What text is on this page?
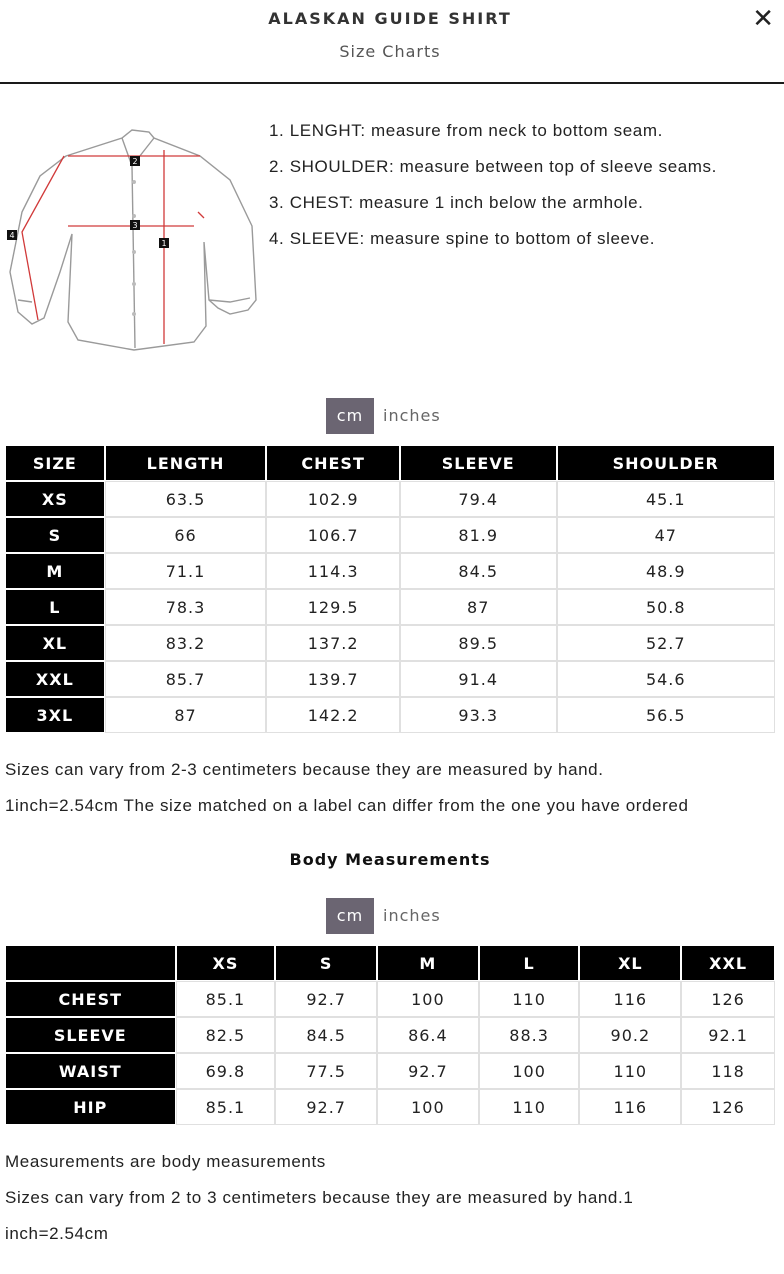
ALASKAN GUIDE SHIRT
Size Charts
✕
2
3
1
4
1. LENGHT: measure from neck to bottom seam.
2. SHOULDER: measure between top of sleeve seams.
3. CHEST: measure 1 inch below the armhole.
4. SLEEVE: measure spine to bottom of sleeve.
cm	inches
SIZE	LENGTH	CHEST	SLEEVE	SHOULDER
XS	63.5	102.9	79.4	45.1
S	66	106.7	81.9	47
M	71.1	114.3	84.5	48.9
L	78.3	129.5	87	50.8
XL	83.2	137.2	89.5	52.7
XXL	85.7	139.7	91.4	54.6
3XL	87	142.2	93.3	56.5
Sizes can vary from 2-3 centimeters because they are measured by hand.
1inch=2.54cm The size matched on a label can differ from the one you have ordered
Body Measurements
cm	inches
	XS	S	M	L	XL	XXL
CHEST	85.1	92.7	100	110	116	126
SLEEVE	82.5	84.5	86.4	88.3	90.2	92.1
WAIST	69.8	77.5	92.7	100	110	118
HIP	85.1	92.7	100	110	116	126
Measurements are body measurements
Sizes can vary from 2 to 3 centimeters because they are measured by hand.1
inch=2.54cm
